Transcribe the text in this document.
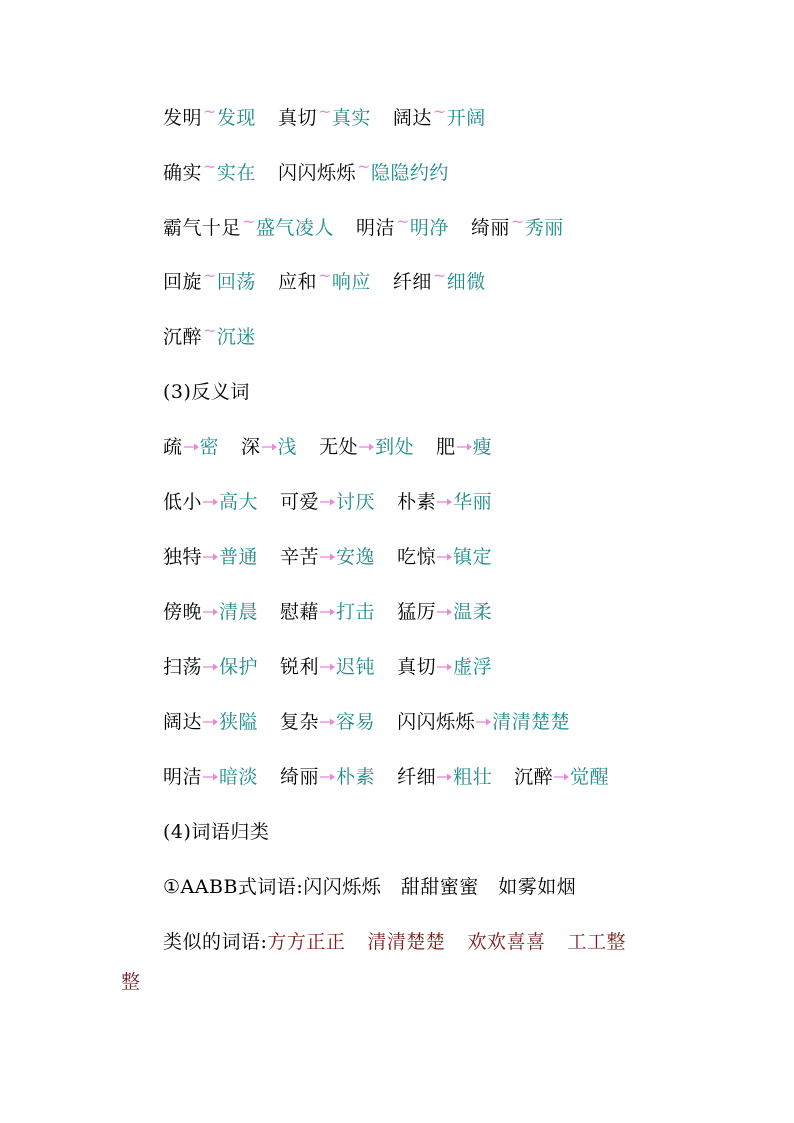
发明~发现 真切~真实 阔达~开阔
确实~实在 闪闪烁烁~隐隐约约
霸气十足~盛气凌人 明洁~明净 绮丽~秀丽
回旋~回荡 应和~响应 纤细~细微
沉醉~沉迷
(3)反义词
疏 密 深 浅 无处 到处 肥 瘦
低小 高大 可爱 讨厌 朴素 华丽
独特 普通 辛苦 安逸 吃惊 镇定
傍晚 清晨 慰藉 打击 猛厉 温柔
扫荡 保护 锐利 迟钝 真切 虚浮
阔达 狭隘 复杂 容易 闪闪烁烁 清清楚楚
明洁 暗淡 绮丽 朴素 纤细 粗壮 沉醉 觉醒
(4)词语归类
①AABB式词语:闪闪烁烁　甜甜蜜蜜　如雾如烟
类似的词语:方方正正 清清楚楚 欢欢喜喜 工工整
整
